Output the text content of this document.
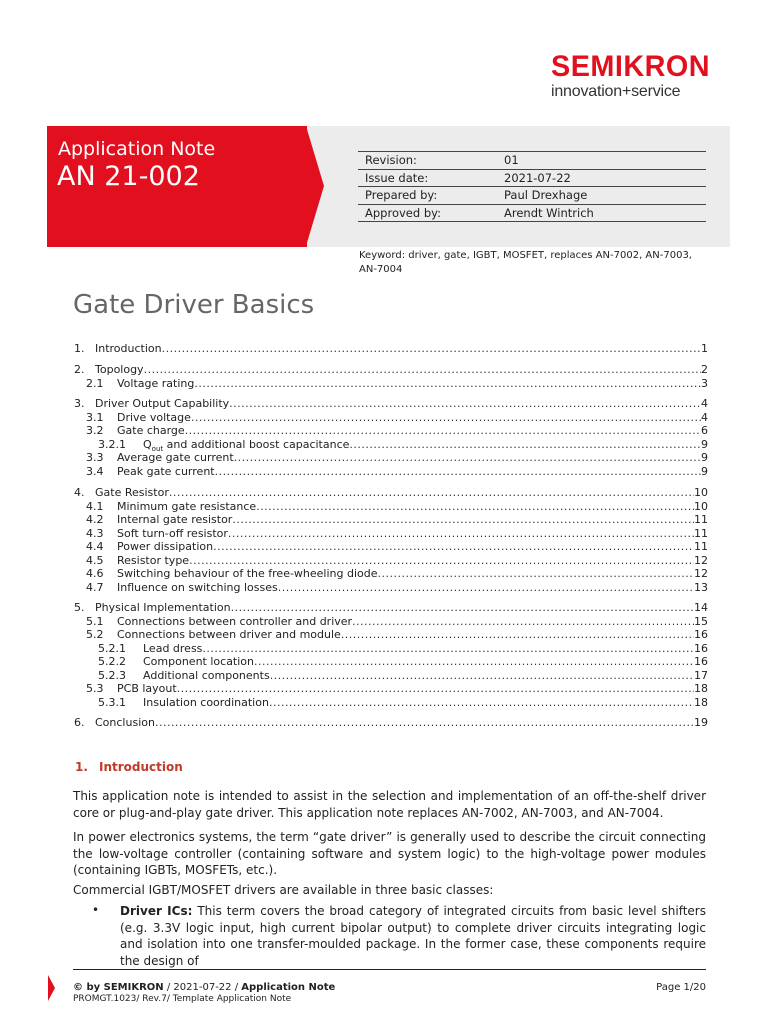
SEMIKRON
innovation+service
Application Note
AN 21-002
Revision:	01
Issue date:	2021-07-22
Prepared by:	Paul Drexhage
Approved by:	Arendt Wintrich
Keyword: driver, gate, IGBT, MOSFET, replaces AN-7002, AN-7003, AN-7004
Gate Driver Basics
1. Introduction .....	1
2. Topology .....	2
2.1	Voltage rating .....	3
3. Driver Output Capability .....	4
3.1	Drive voltage .....	4
3.2	Gate charge .....	6
3.2.1	$Q_{out}$ and additional boost capacitance .....	9
3.3	Average gate current .....	9
3.4	Peak gate current .....	9
4. Gate Resistor .....	10
4.1	Minimum gate resistance .....	10
4.2	Internal gate resistor .....	11
4.3	Soft turn-off resistor .....	11
4.4	Power dissipation .....	11
4.5	Resistor type .....	12
4.6	Switching behaviour of the free-wheeling diode .....	12
4.7	Influence on switching losses .....	13
5. Physical Implementation .....	14
5.1	Connections between controller and driver .....	15
5.2	Connections between driver and module .....	16
5.2.1	Lead dress .....	16
5.2.2	Component location .....	16
5.2.3	Additional components .....	17
5.3	PCB layout .....	18
5.3.1	Insulation coordination .....	18
6. Conclusion .....	19
1. Introduction
This application note is intended to assist in the selection and implementation of an off-the-shelf driver core or plug-and-play gate driver. This application note replaces AN-7002, AN-7003, and AN-7004.
In power electronics systems, the term “gate driver” is generally used to describe the circuit connecting the low-voltage controller (containing software and system logic) to the high-voltage power modules (containing IGBTs, MOSFETs, etc.).
Commercial IGBT/MOSFET drivers are available in three basic classes:
• Driver ICs: This term covers the broad category of integrated circuits from basic level shifters (e.g. 3.3V logic input, high current bipolar output) to complete driver circuits integrating logic and isolation into one transfer-moulded package. In the former case, these components require the design of
© by SEMIKRON / 2021-07-22 / Application Note
PROMGT.1023/ Rev.7/ Template Application Note
Page 1/20
